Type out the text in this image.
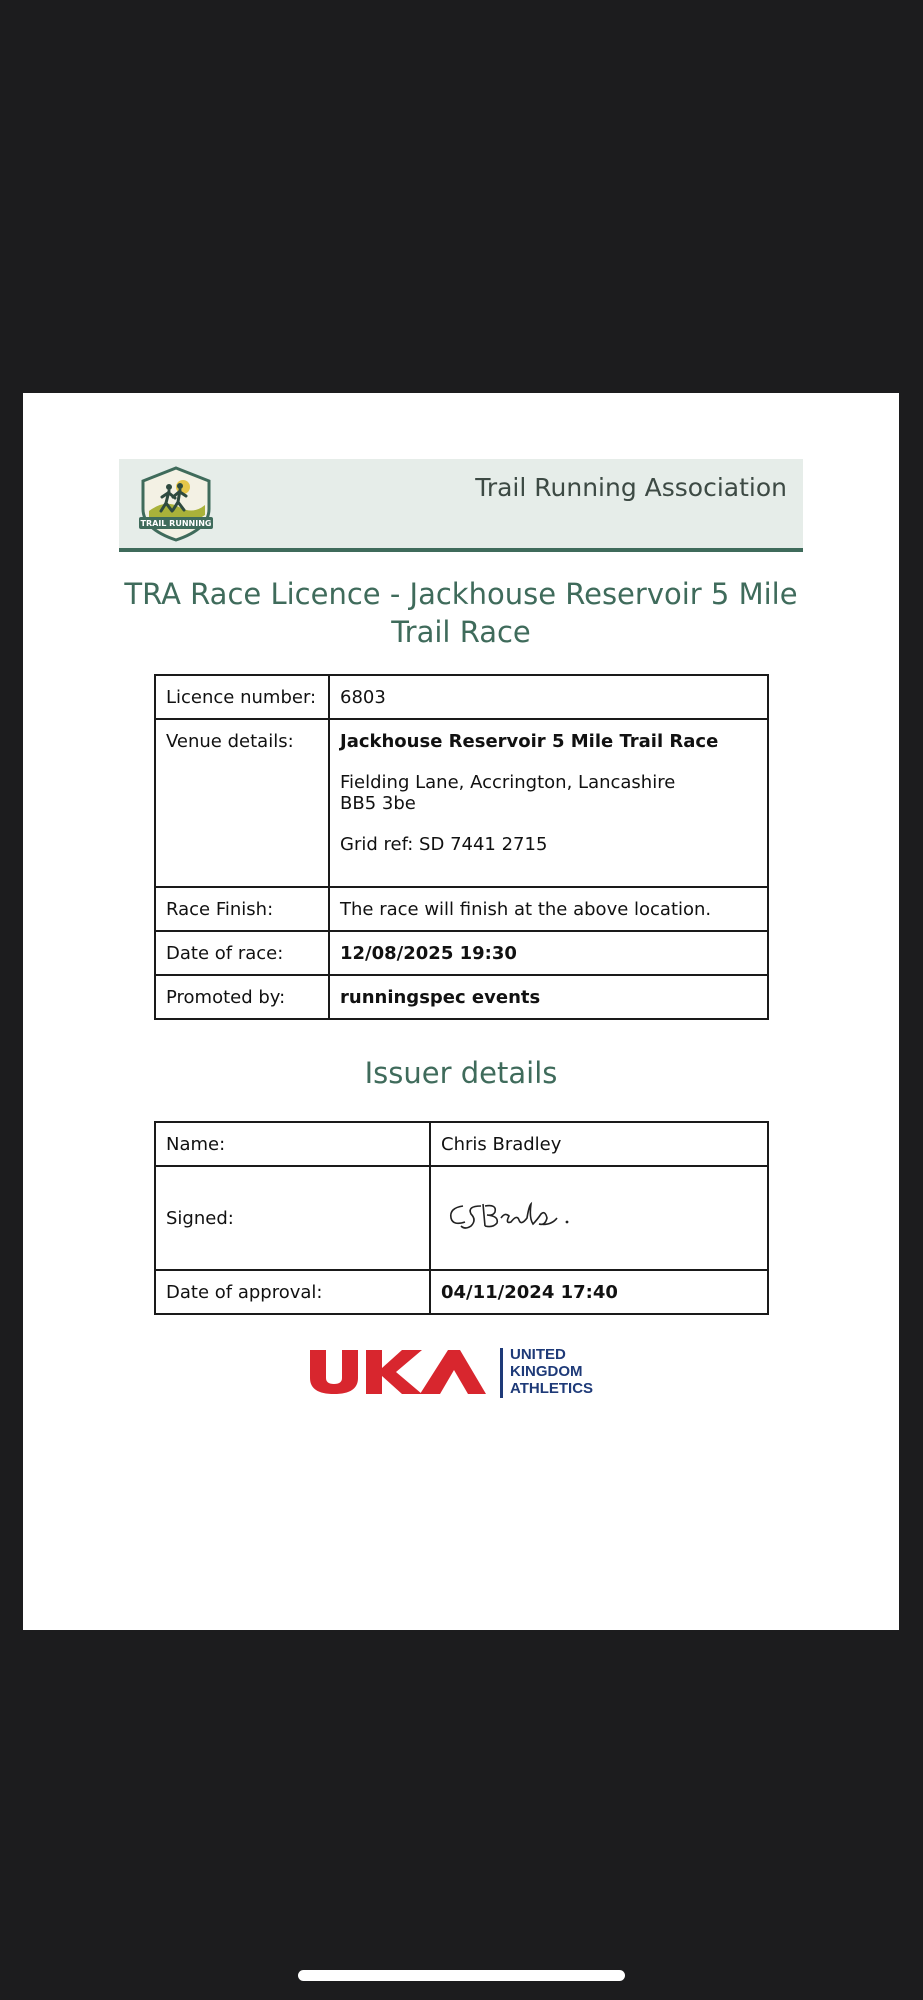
TRAIL RUNNING
Trail Running Association
TRA Race Licence - Jackhouse Reservoir 5 Mile Trail Race
Licence number:	6803
Venue details:	Jackhouse Reservoir 5 Mile Trail Race
Fielding Lane, Accrington, Lancashire
BB5 3be
Grid ref: SD 7441 2715

Race Finish:	The race will finish at the above location.
Date of race:	12/08/2025 19:30
Promoted by:	runningspec events
Issuer details
Name:	Chris Bradley
Signed:	
Date of approval:	04/11/2024 17:40
UNITED
KINGDOM
ATHLETICS
